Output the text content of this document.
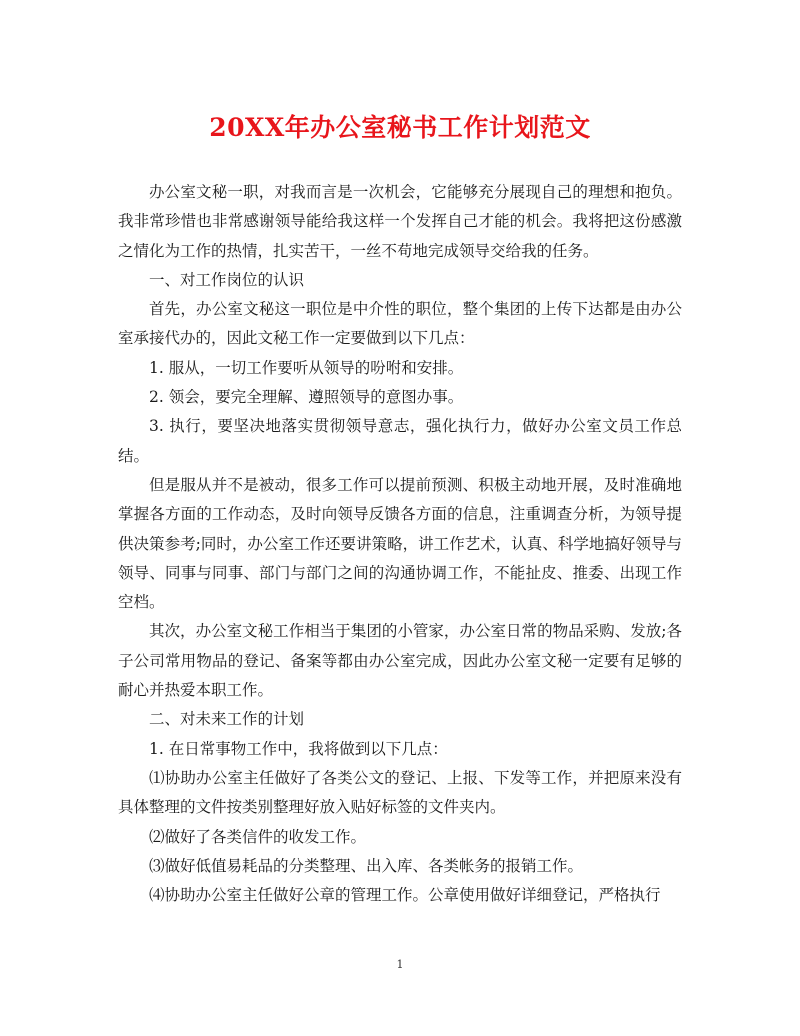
20XX年办公室秘书工作计划范文

办公室文秘一职，对我而言是一次机会，它能够充分展现自己的理想和抱负。我非常珍惜也非常感谢领导能给我这样一个发挥自己才能的机会。我将把这份感激之情化为工作的热情，扎实苦干，一丝不苟地完成领导交给我的任务。

一、对工作岗位的认识

首先，办公室文秘这一职位是中介性的职位，整个集团的上传下达都是由办公室承接代办的，因此文秘工作一定要做到以下几点：

1. 服从，一切工作要听从领导的吩咐和安排。

2. 领会，要完全理解、遵照领导的意图办事。

3. 执行，要坚决地落实贯彻领导意志，强化执行力，做好办公室文员工作总结。

但是服从并不是被动，很多工作可以提前预测、积极主动地开展，及时准确地掌握各方面的工作动态，及时向领导反馈各方面的信息，注重调查分析，为领导提供决策参考;同时，办公室工作还要讲策略，讲工作艺术，认真、科学地搞好领导与领导、同事与同事、部门与部门之间的沟通协调工作，不能扯皮、推委、出现工作空档。

其次，办公室文秘工作相当于集团的小管家，办公室日常的物品采购、发放;各子公司常用物品的登记、备案等都由办公室完成，因此办公室文秘一定要有足够的耐心并热爱本职工作。

二、对未来工作的计划

1. 在日常事物工作中，我将做到以下几点：

⑴协助办公室主任做好了各类公文的登记、上报、下发等工作，并把原来没有具体整理的文件按类别整理好放入贴好标签的文件夹内。

⑵做好了各类信件的收发工作。

⑶做好低值易耗品的分类整理、出入库、各类帐务的报销工作。

⑷协助办公室主任做好公章的管理工作。公章使用做好详细登记，严格执行

1
